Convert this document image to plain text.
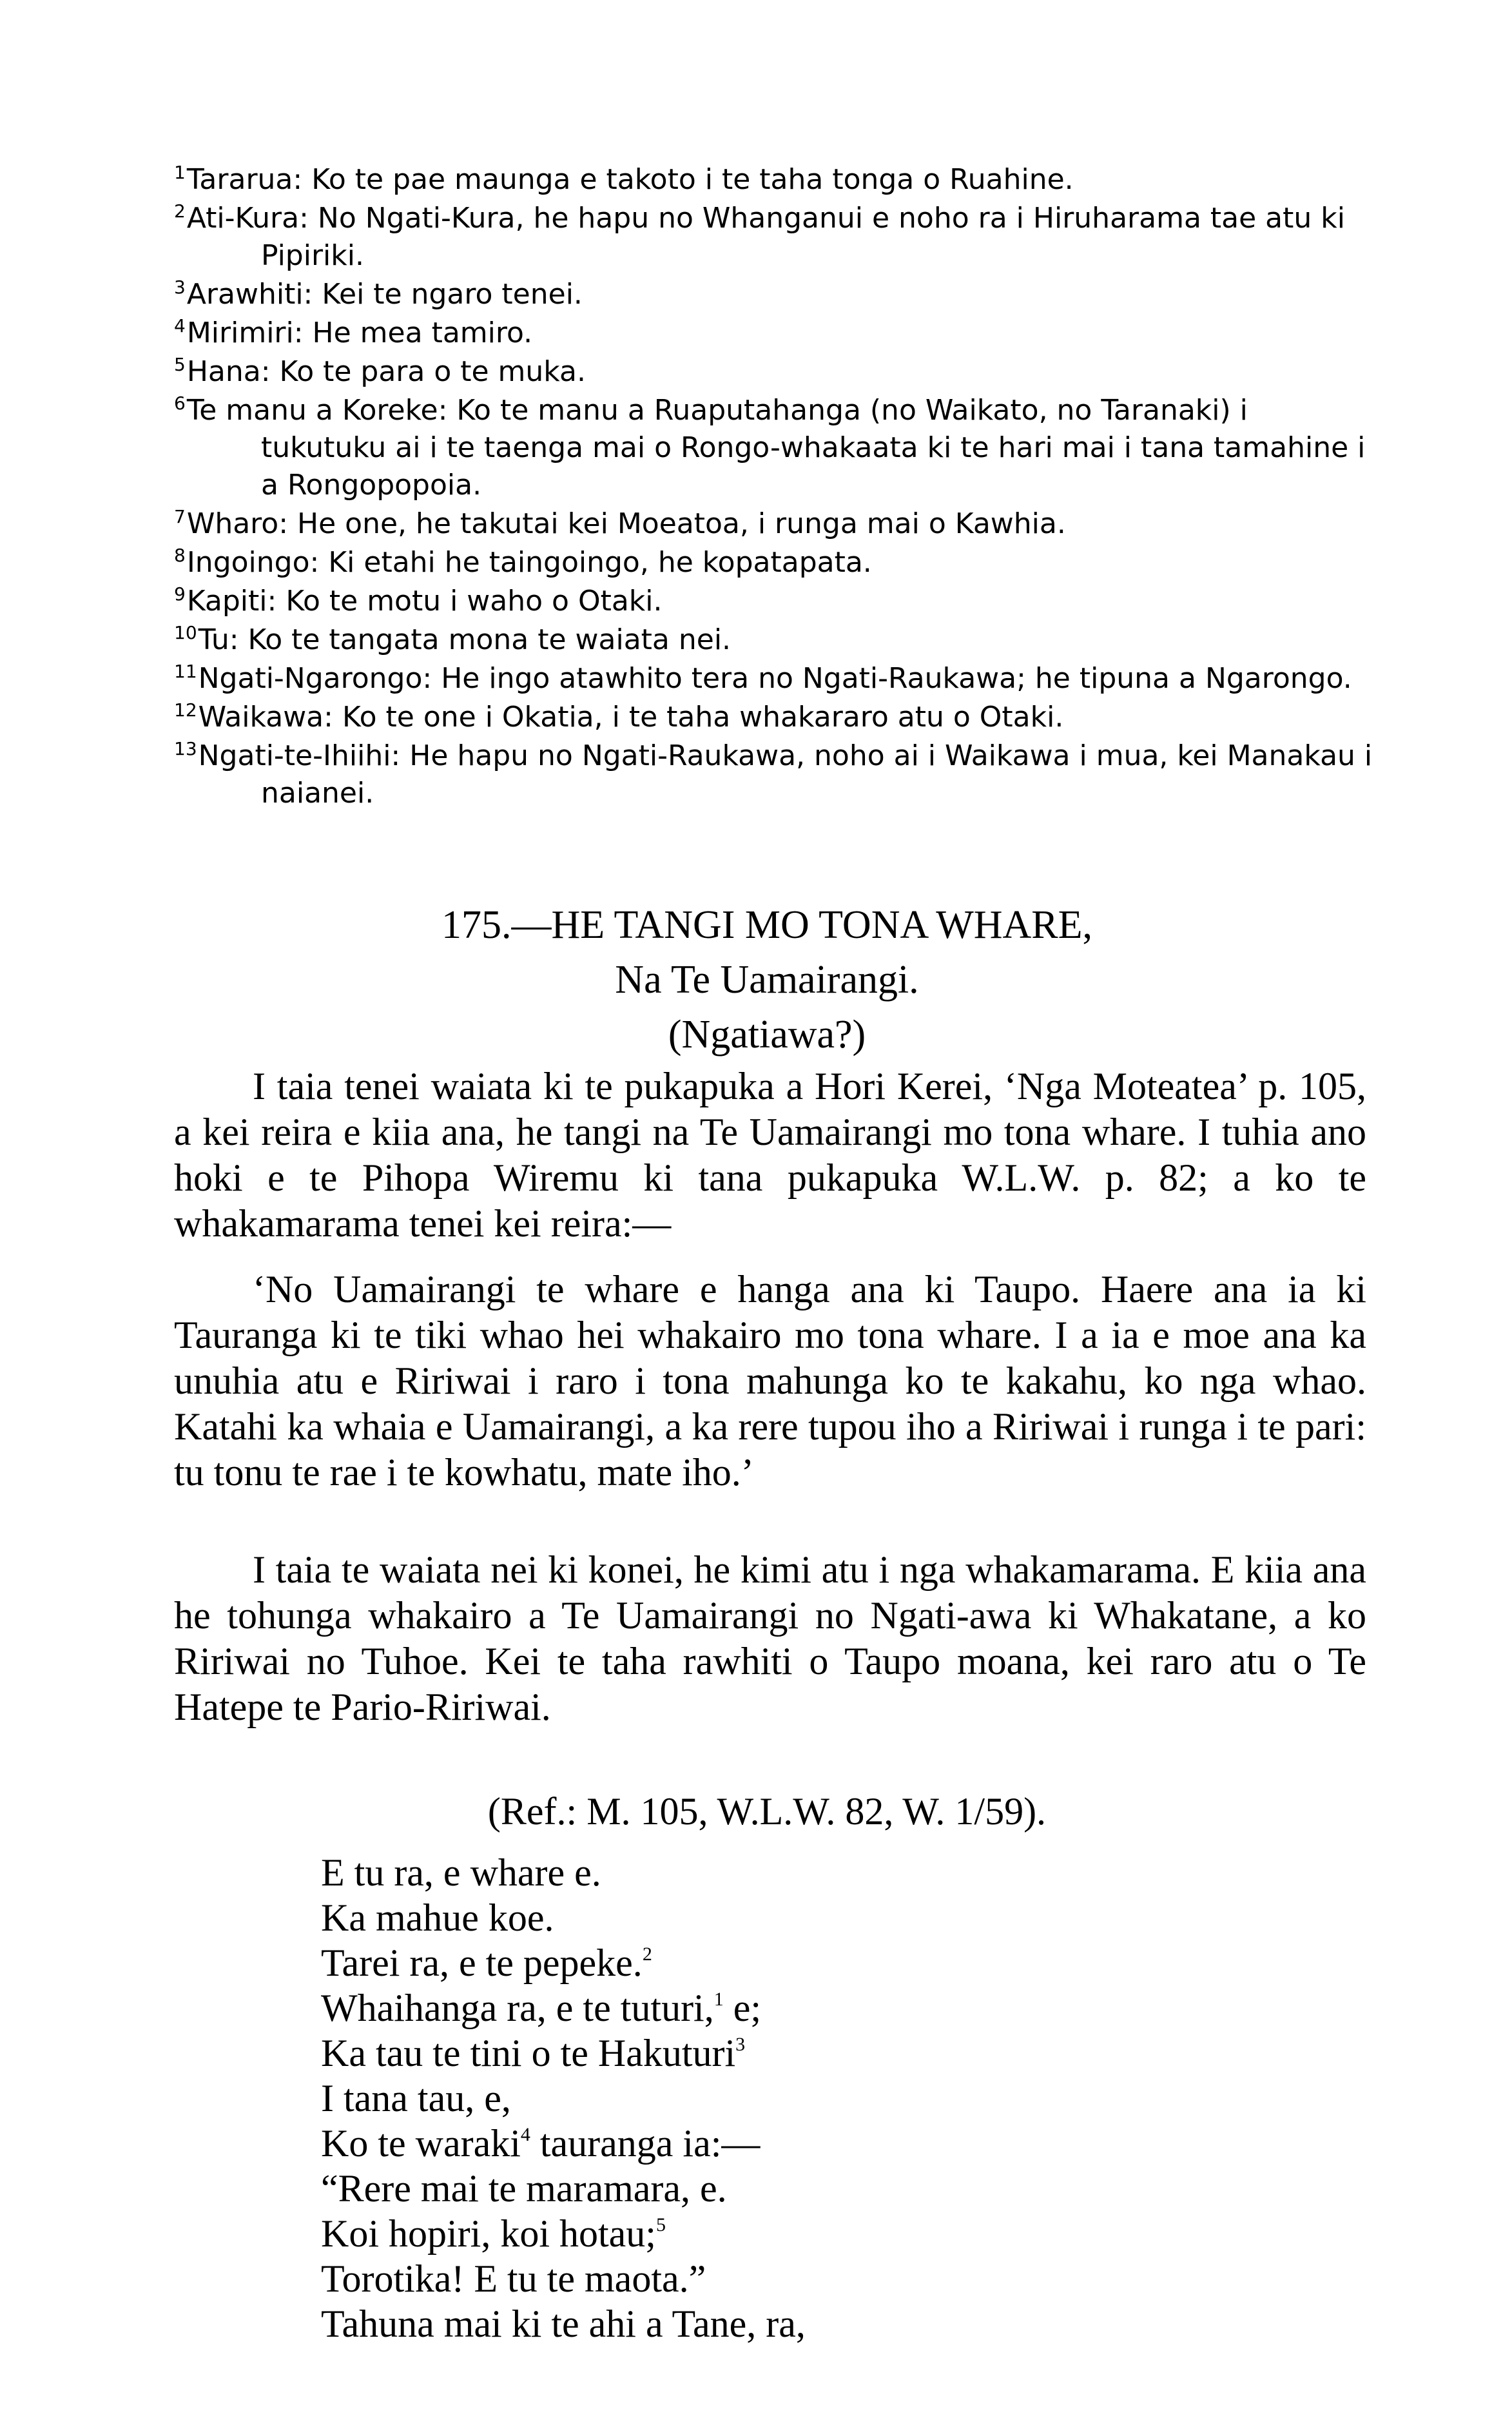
$^1$Tararua: Ko te pae maunga e takoto i te taha tonga o Ruahine.

$^2$Ati-Kura: No Ngati-Kura, he hapu no Whanganui e noho ra i Hiruharama tae atu ki Pipiriki.

$^3$Arawhiti: Kei te ngaro tenei.

$^4$Mirimiri: He mea tamiro.

$^5$Hana: Ko te para o te muka.

$^6$Te manu a Koreke: Ko te manu a Ruaputahanga (no Waikato, no Taranaki) i tukutuku ai i te taenga mai o Rongo-whakaata ki te hari mai i tana tamahine i a Rongopopoia.

$^7$Wharo: He one, he takutai kei Moeatoa, i runga mai o Kawhia.

$^8$Ingoingo: Ki etahi he taingoingo, he kopatapata.

$^9$Kapiti: Ko te motu i waho o Otaki.

$^{10}$Tu: Ko te tangata mona te waiata nei.

$^{11}$Ngati-Ngarongo: He ingo atawhito tera no Ngati-Raukawa; he tipuna a Ngarongo.

$^{12}$Waikawa: Ko te one i Okatia, i te taha whakararo atu o Otaki.

$^{13}$Ngati-te-Ihiihi: He hapu no Ngati-Raukawa, noho ai i Waikawa i mua, kei Manakau i naianei.

175.—HE TANGI MO TONA WHARE,
Na Te Uamairangi.
(Ngatiawa?)

I taia tenei waiata ki te pukapuka a Hori Kerei, ‘Nga Moteatea’ p. 105, a kei reira e kiia ana, he tangi na Te Uamairangi mo tona whare. I tuhia ano hoki e te Pihopa Wiremu ki tana pukapuka W.L.W. p. 82; a ko te whakamarama tenei kei reira:—

‘No Uamairangi te whare e hanga ana ki Taupo. Haere ana ia ki Tauranga ki te tiki whao hei whakairo mo tona whare. I a ia e moe ana ka unuhia atu e Ririwai i raro i tona mahunga ko te kakahu, ko nga whao. Katahi ka whaia e Uamairangi, a ka rere tupou iho a Ririwai i runga i te pari: tu tonu te rae i te kowhatu, mate iho.’

I taia te waiata nei ki konei, he kimi atu i nga whakamarama. E kiia ana he tohunga whakairo a Te Uamairangi no Ngati-awa ki Whakatane, a ko Ririwai no Tuhoe. Kei te taha rawhiti o Taupo moana, kei raro atu o Te Hatepe te Pario-Ririwai.

(Ref.: M. 105, W.L.W. 82, W. 1/59).
E tu ra, e whare e.
Ka mahue koe.
Tarei ra, e te pepeke.$^2$
Whaihanga ra, e te tuturi,$^1$ e;
Ka tau te tini o te Hakuturi$^3$
I tana tau, e,
Ko te waraki$^4$ tauranga ia:—
“Rere mai te maramara, e.
Koi hopiri, koi hotau;$^5$
Torotika! E tu te maota.”
Tahuna mai ki te ahi a Tane, ra,
